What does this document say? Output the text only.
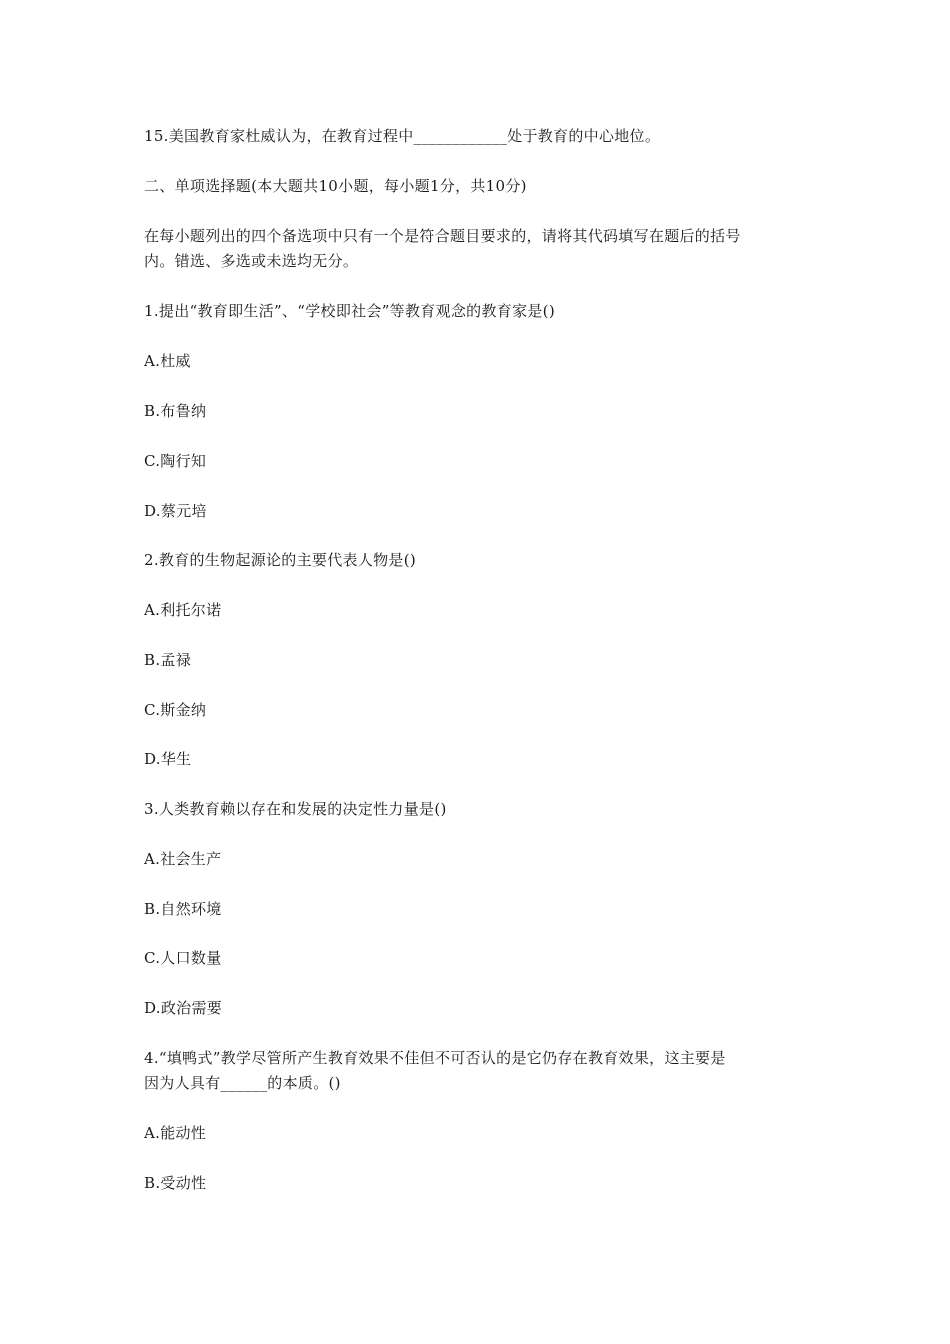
15.美国教育家杜威认为，在教育过程中____________处于教育的中心地位。
二、单项选择题(本大题共10小题，每小题1分，共10分)
在每小题列出的四个备选项中只有一个是符合题目要求的，请将其代码填写在题后的括号
内。错选、多选或未选均无分。
1.提出“教育即生活”、“学校即社会”等教育观念的教育家是()
A.杜威
B.布鲁纳
C.陶行知
D.蔡元培
2.教育的生物起源论的主要代表人物是()
A.利托尔诺
B.孟禄
C.斯金纳
D.华生
3.人类教育赖以存在和发展的决定性力量是()
A.社会生产
B.自然环境
C.人口数量
D.政治需要
4.“填鸭式”教学尽管所产生教育效果不佳但不可否认的是它仍存在教育效果，这主要是
因为人具有______的本质。()
A.能动性
B.受动性
